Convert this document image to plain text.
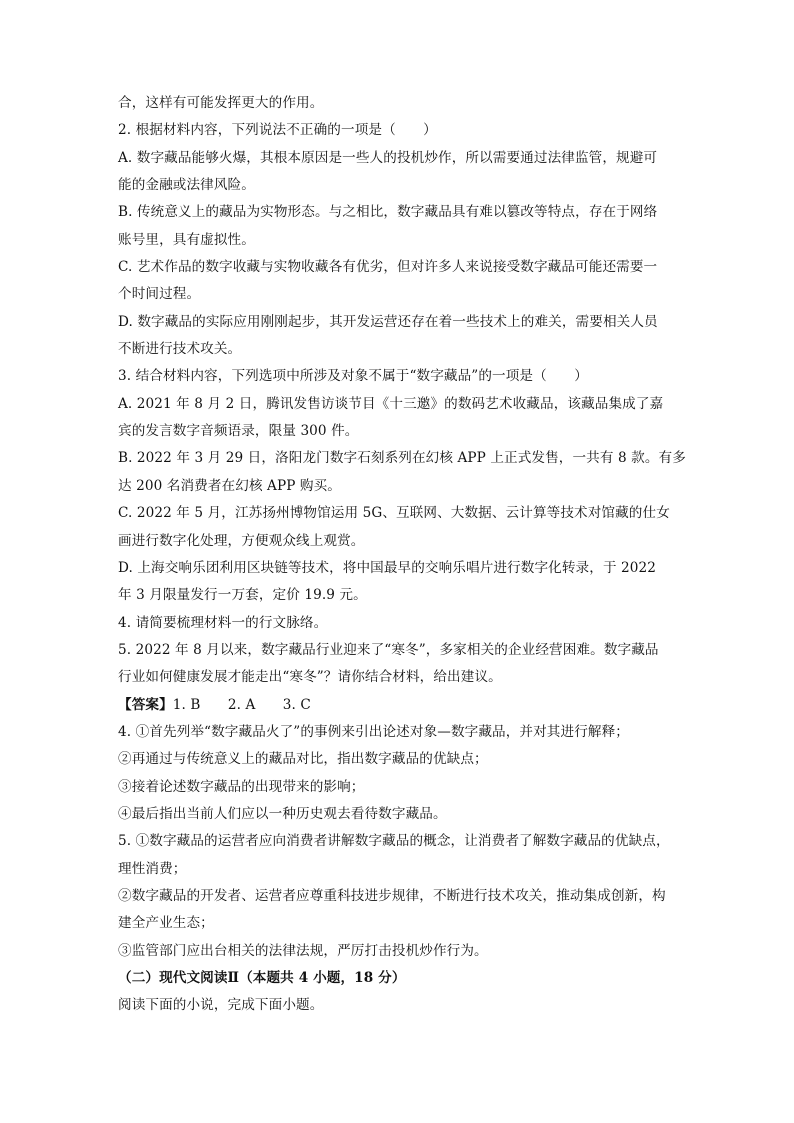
合，这样有可能发挥更大的作用。
2. 根据材料内容，下列说法不正确的一项是（　　）
A. 数字藏品能够火爆，其根本原因是一些人的投机炒作，所以需要通过法律监管，规避可
能的金融或法律风险。
B. 传统意义上的藏品为实物形态。与之相比，数字藏品具有难以篡改等特点，存在于网络
账号里，具有虚拟性。
C. 艺术作品的数字收藏与实物收藏各有优劣，但对许多人来说接受数字藏品可能还需要一
个时间过程。
D. 数字藏品的实际应用刚刚起步，其开发运营还存在着一些技术上的难关，需要相关人员
不断进行技术攻关。
3. 结合材料内容，下列选项中所涉及对象不属于“数字藏品”的一项是（　　）
A. 2021 年 8 月 2 日，腾讯发售访谈节目《十三邀》的数码艺术收藏品，该藏品集成了嘉
宾的发言数字音频语录，限量 300 件。
B. 2022 年 3 月 29 日，洛阳龙门数字石刻系列在幻核 APP 上正式发售，一共有 8 款。有多
达 200 名消费者在幻核 APP 购买。
C. 2022 年 5 月，江苏扬州博物馆运用 5G、互联网、大数据、云计算等技术对馆藏的仕女
画进行数字化处理，方便观众线上观赏。
D. 上海交响乐团利用区块链等技术，将中国最早的交响乐唱片进行数字化转录，于 2022
年 3 月限量发行一万套，定价 19.9 元。
4. 请简要梳理材料一的行文脉络。
5. 2022 年 8 月以来，数字藏品行业迎来了“寒冬”，多家相关的企业经营困难。数字藏品
行业如何健康发展才能走出“寒冬”？请你结合材料，给出建议。
【答案】1. B　　2. A　　3. C
4. ①首先列举“数字藏品火了”的事例来引出论述对象—数字藏品，并对其进行解释；
②再通过与传统意义上的藏品对比，指出数字藏品的优缺点；
③接着论述数字藏品的出现带来的影响；
④最后指出当前人们应以一种历史观去看待数字藏品。
5. ①数字藏品的运营者应向消费者讲解数字藏品的概念，让消费者了解数字藏品的优缺点，
理性消费；
②数字藏品的开发者、运营者应尊重科技进步规律，不断进行技术攻关，推动集成创新，构
建全产业生态；
③监管部门应出台相关的法律法规，严厉打击投机炒作行为。
（二）现代文阅读Ⅱ（本题共 4 小题，18 分）
阅读下面的小说，完成下面小题。
